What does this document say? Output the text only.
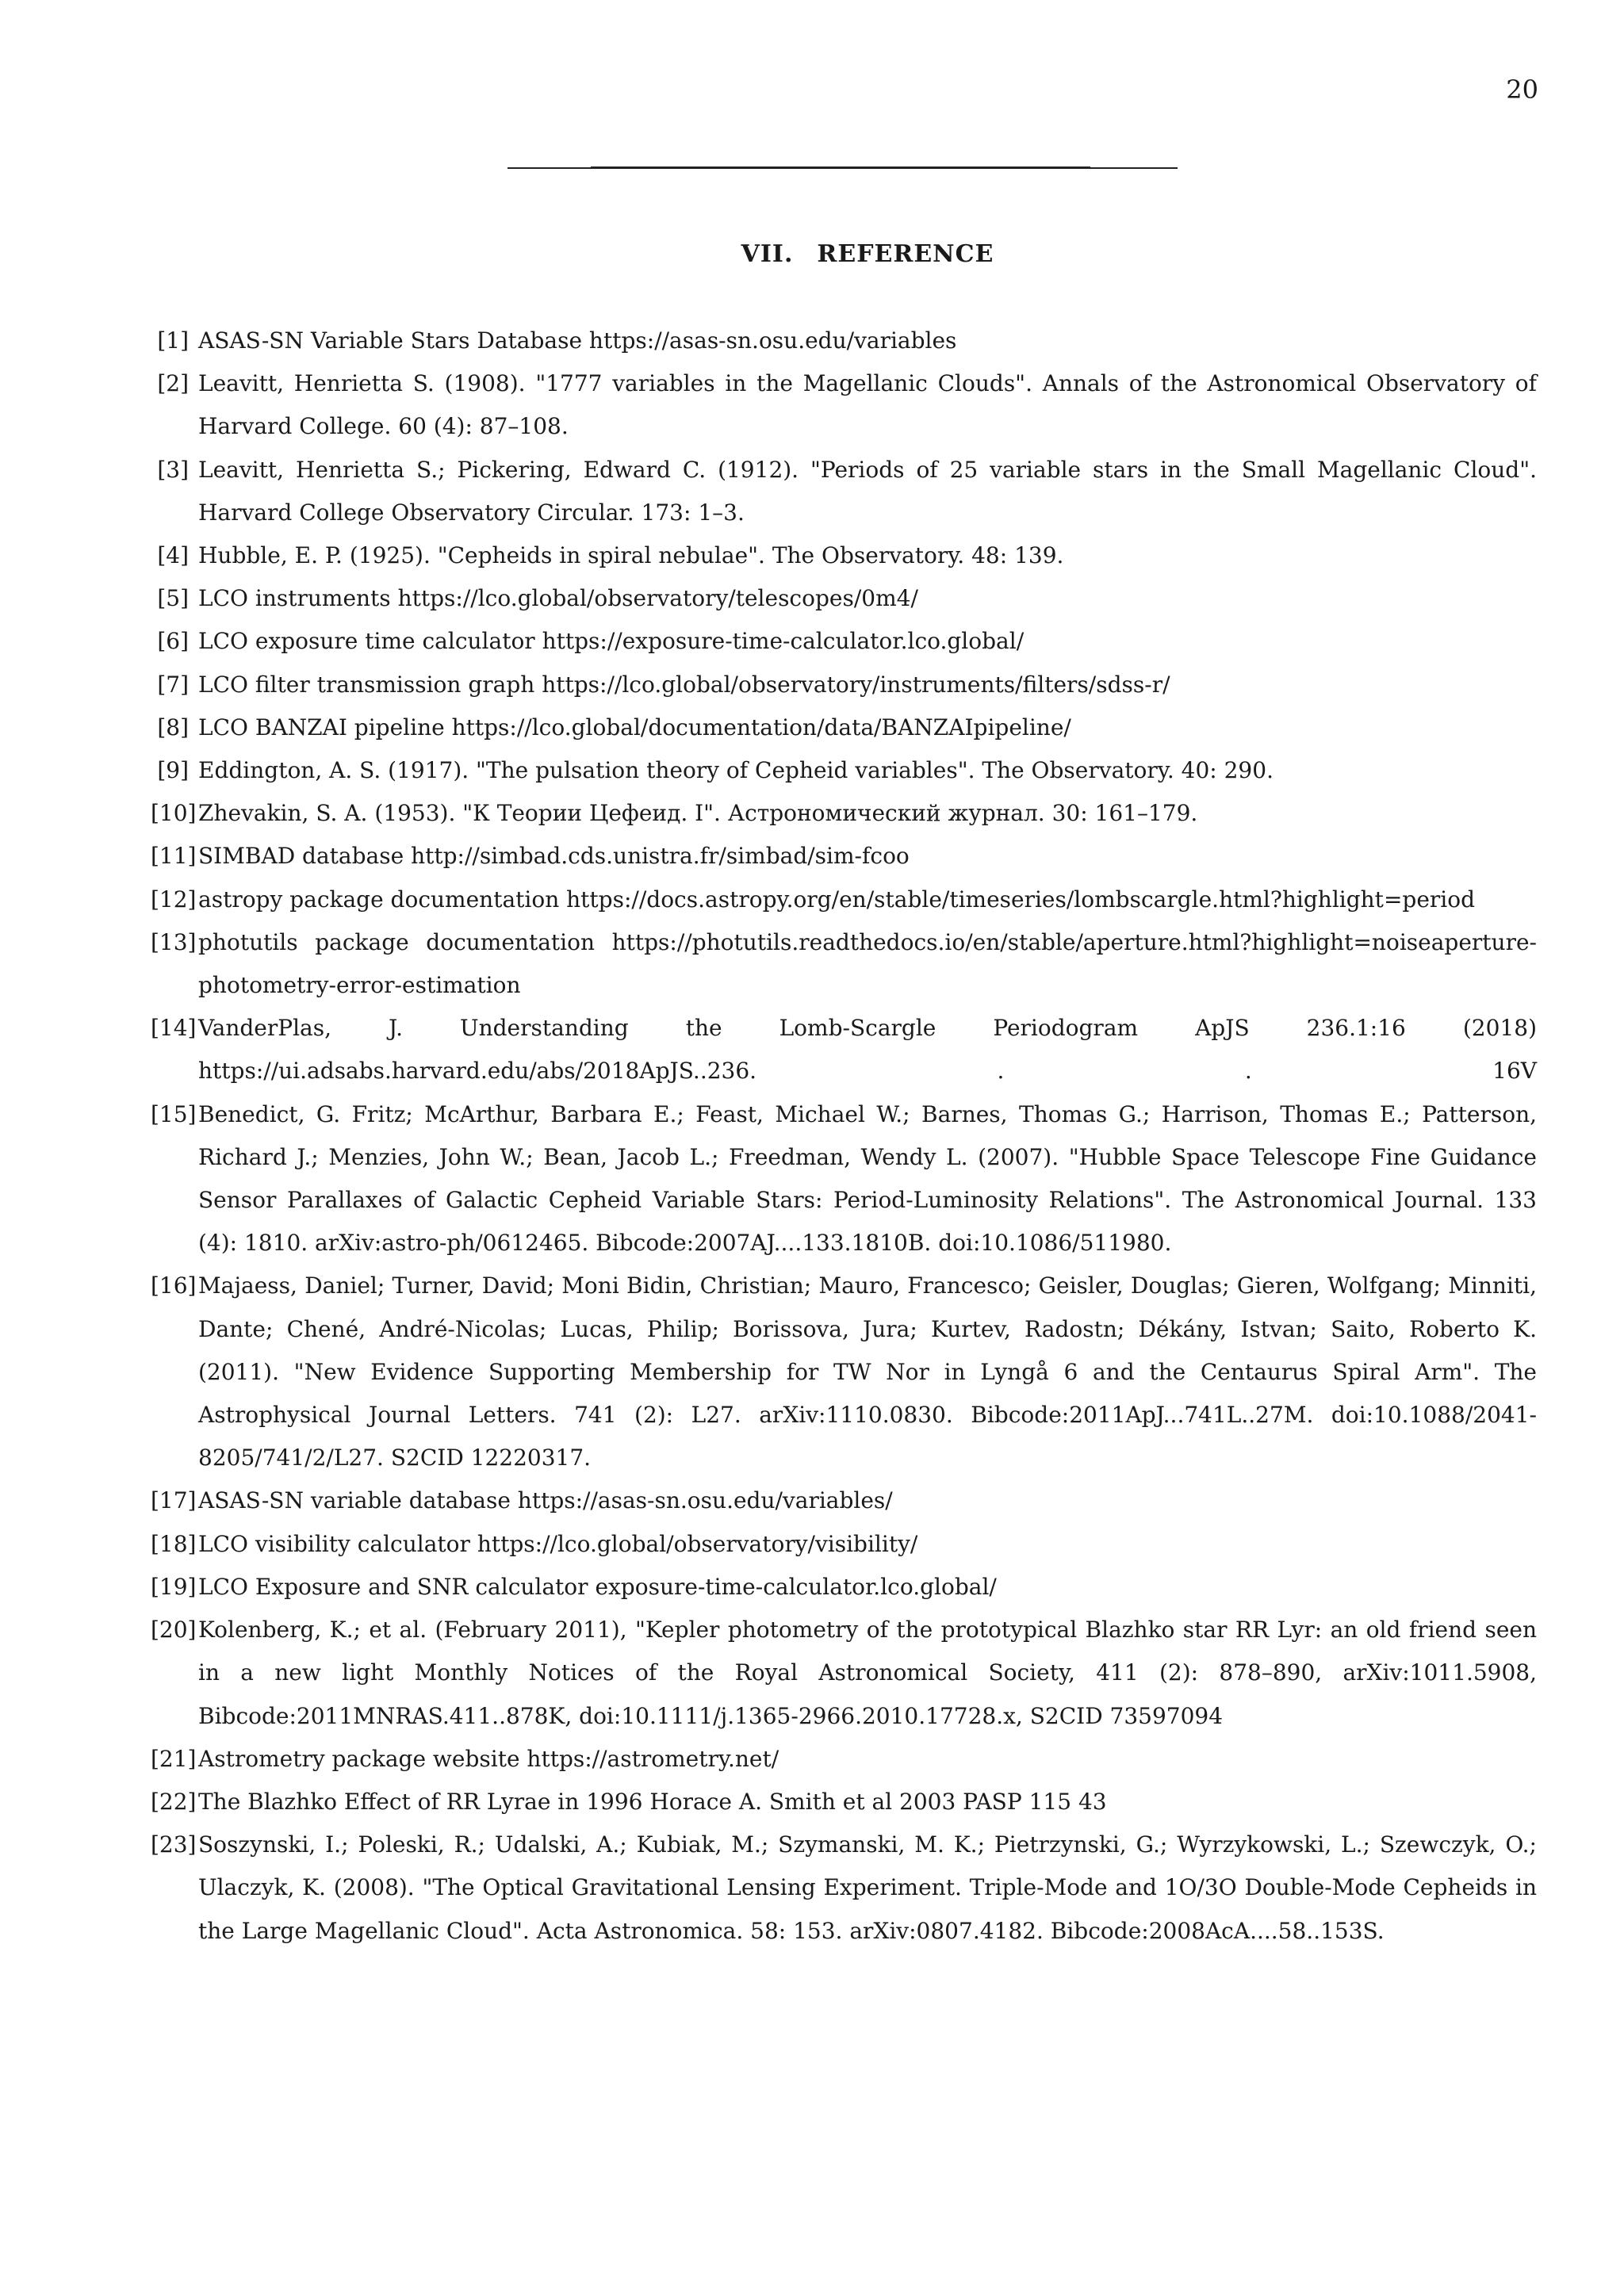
20
VII. REFERENCE
[1] ASAS-SN Variable Stars Database https://asas-sn.osu.edu/variables
[2] Leavitt, Henrietta S. (1908). "1777 variables in the Magellanic Clouds". Annals of the Astronomical Observatory of Harvard College. 60 (4): 87–108.
[3] Leavitt, Henrietta S.; Pickering, Edward C. (1912). "Periods of 25 variable stars in the Small Magellanic Cloud". Harvard College Observatory Circular. 173: 1–3.
[4] Hubble, E. P. (1925). "Cepheids in spiral nebulae". The Observatory. 48: 139.
[5] LCO instruments https://lco.global/observatory/telescopes/0m4/
[6] LCO exposure time calculator https://exposure-time-calculator.lco.global/
[7] LCO filter transmission graph https://lco.global/observatory/instruments/filters/sdss-r/
[8] LCO BANZAI pipeline https://lco.global/documentation/data/BANZAIpipeline/
[9] Eddington, A. S. (1917). "The pulsation theory of Cepheid variables". The Observatory. 40: 290.
[10] Zhevakin, S. A. (1953). "К Теории Цефеид. I". Астрономический журнал. 30: 161–179.
[11] SIMBAD database http://simbad.cds.unistra.fr/simbad/sim-fcoo
[12] astropy package documentation https://docs.astropy.org/en/stable/timeseries/lombscargle.html?highlight=period
[13] photutils package documentation https://photutils.readthedocs.io/en/stable/aperture.html?highlight=noiseaperture-photometry-error-estimation
[14] VanderPlas, J. Understanding the Lomb-Scargle Periodogram ApJS 236.1:16 (2018) https://ui.adsabs.harvard.edu/abs/2018ApJS..236. . . 16V
[15] Benedict, G. Fritz; McArthur, Barbara E.; Feast, Michael W.; Barnes, Thomas G.; Harrison, Thomas E.; Patterson, Richard J.; Menzies, John W.; Bean, Jacob L.; Freedman, Wendy L. (2007). "Hubble Space Telescope Fine Guidance Sensor Parallaxes of Galactic Cepheid Variable Stars: Period-Luminosity Relations". The Astronomical Journal. 133 (4): 1810. arXiv:astro-ph/0612465. Bibcode:2007AJ....133.1810B. doi:10.1086/511980.
[16] Majaess, Daniel; Turner, David; Moni Bidin, Christian; Mauro, Francesco; Geisler, Douglas; Gieren, Wolfgang; Minniti, Dante; Chené, André-Nicolas; Lucas, Philip; Borissova, Jura; Kurtev, Radostn; Dékány, Istvan; Saito, Roberto K. (2011). "New Evidence Supporting Membership for TW Nor in Lyngå 6 and the Centaurus Spiral Arm". The Astrophysical Journal Letters. 741 (2): L27. arXiv:1110.0830. Bibcode:2011ApJ...741L..27M. doi:10.1088/2041-8205/741/2/L27. S2CID 12220317.
[17] ASAS-SN variable database https://asas-sn.osu.edu/variables/
[18] LCO visibility calculator https://lco.global/observatory/visibility/
[19] LCO Exposure and SNR calculator exposure-time-calculator.lco.global/
[20] Kolenberg, K.; et al. (February 2011), "Kepler photometry of the prototypical Blazhko star RR Lyr: an old friend seen in a new light Monthly Notices of the Royal Astronomical Society, 411 (2): 878–890, arXiv:1011.5908, Bibcode:2011MNRAS.411..878K, doi:10.1111/j.1365-2966.2010.17728.x, S2CID 73597094
[21] Astrometry package website https://astrometry.net/
[22] The Blazhko Effect of RR Lyrae in 1996 Horace A. Smith et al 2003 PASP 115 43
[23] Soszynski, I.; Poleski, R.; Udalski, A.; Kubiak, M.; Szymanski, M. K.; Pietrzynski, G.; Wyrzykowski, L.; Szewczyk, O.; Ulaczyk, K. (2008). "The Optical Gravitational Lensing Experiment. Triple-Mode and 1O/3O Double-Mode Cepheids in the Large Magellanic Cloud". Acta Astronomica. 58: 153. arXiv:0807.4182. Bibcode:2008AcA....58..153S.
